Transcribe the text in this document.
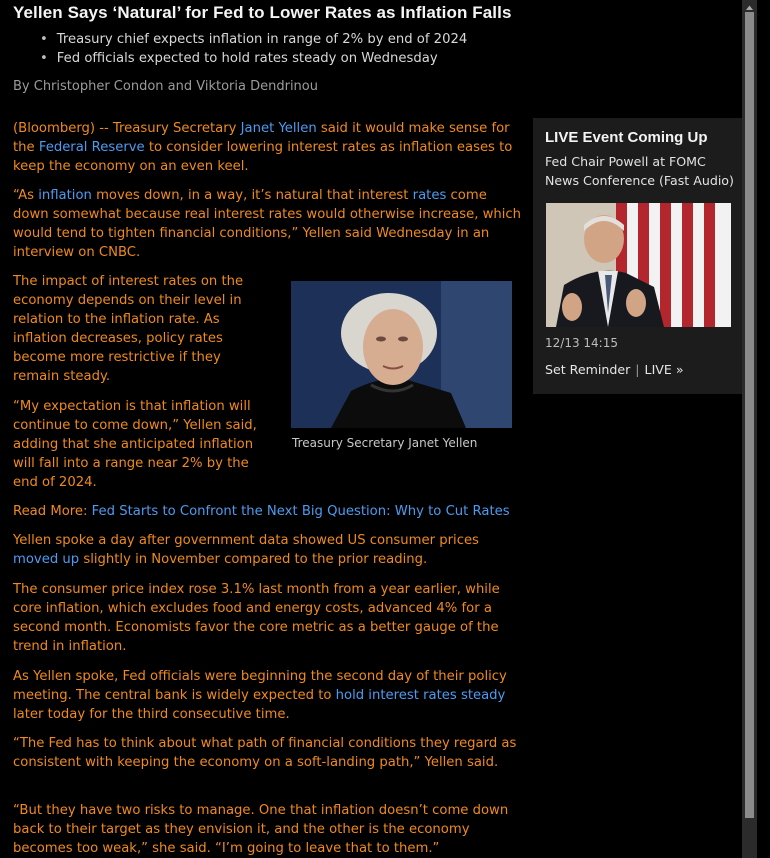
Yellen Says ‘Natural’ for Fed to Lower Rates as Inflation Falls
• Treasury chief expects inflation in range of 2% by end of 2024
• Fed officials expected to hold rates steady on Wednesday
By Christopher Condon and Viktoria Dendrinou

(Bloomberg) -- Treasury Secretary Janet Yellen said it would make sense for the Federal Reserve to consider lowering interest rates as inflation eases to keep the economy on an even keel.

“As inflation moves down, in a way, it’s natural that interest rates come down somewhat because real interest rates would otherwise increase, which would tend to tighten financial conditions,” Yellen said Wednesday in an interview on CNBC.

The impact of interest rates on the economy depends on their level in relation to the inflation rate. As inflation decreases, policy rates become more restrictive if they remain steady.

“My expectation is that inflation will continue to come down,” Yellen said, adding that she anticipated inflation will fall into a range near 2% by the end of 2024.

Treasury Secretary Janet Yellen

Read More: Fed Starts to Confront the Next Big Question: Why to Cut Rates

Yellen spoke a day after government data showed US consumer prices moved up slightly in November compared to the prior reading.

The consumer price index rose 3.1% last month from a year earlier, while core inflation, which excludes food and energy costs, advanced 4% for a second month. Economists favor the core metric as a better gauge of the trend in inflation.

As Yellen spoke, Fed officials were beginning the second day of their policy meeting. The central bank is widely expected to hold interest rates steady later today for the third consecutive time.

“The Fed has to think about what path of financial conditions they regard as consistent with keeping the economy on a soft-landing path,” Yellen said.

“But they have two risks to manage. One that inflation doesn’t come down back to their target as they envision it, and the other is the economy becomes too weak,” she said. “I’m going to leave that to them.”

LIVE Event Coming Up
Fed Chair Powell at FOMC News Conference (Fast Audio)
12/13 14:15
Set Reminder | LIVE »
